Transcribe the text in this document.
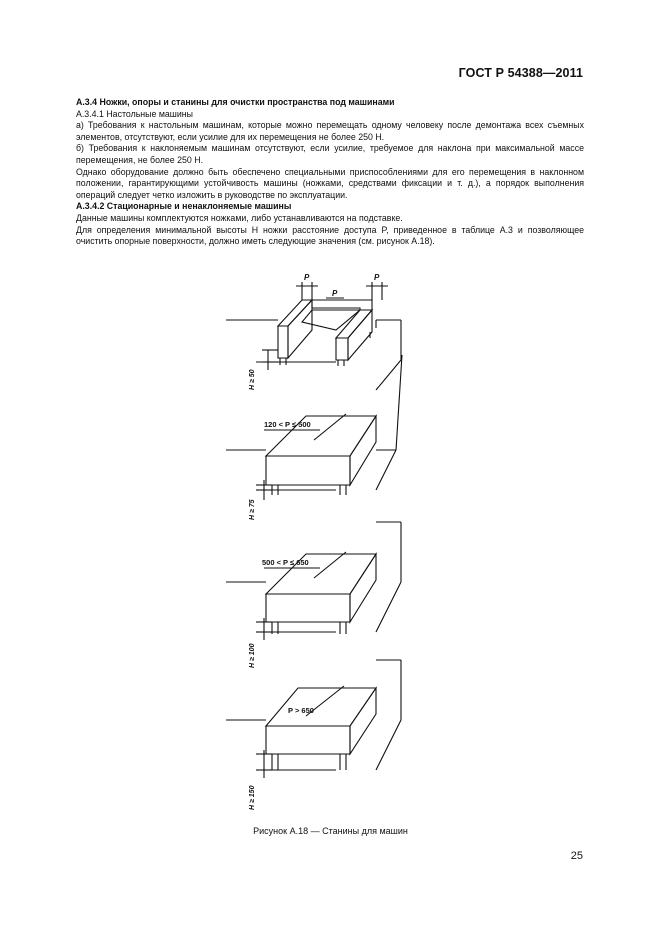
ГОСТ Р 54388—2011

А.3.4 Ножки, опоры и станины для очистки пространства под машинами

А.3.4.1 Настольные машины

а) Требования к настольным машинам, которые можно перемещать одному человеку после демонтажа всех съемных элементов, отсутствуют, если усилие для их перемещения не более 250 Н.

б) Требования к наклоняемым машинам отсутствуют, если усилие, требуемое для наклона при максимальной массе перемещения, не более 250 Н.

Однако оборудование должно быть обеспечено специальными приспособлениями для его перемещения в наклонном положении, гарантирующими устойчивость машины (ножками, средствами фиксации и т. д.), а порядок выполнения операций следует четко изложить в руководстве по эксплуатации.

А.3.4.2 Стационарные и ненаклоняемые машины

Данные машины комплектуются ножками, либо устанавливаются на подставке.

Для определения минимальной высоты H ножки расстояние доступа P, приведенное в таблице А.3 и позволяющее очистить опорные поверхности, должно иметь следующие значения (см. рисунок А.18).

P
P
P
H ≥ 50
120 < P ≤ 500
H ≥ 75
500 < P ≤ 650
H ≥ 100
P > 650
H ≥ 150
Рисунок А.18 — Станины для машин
25
